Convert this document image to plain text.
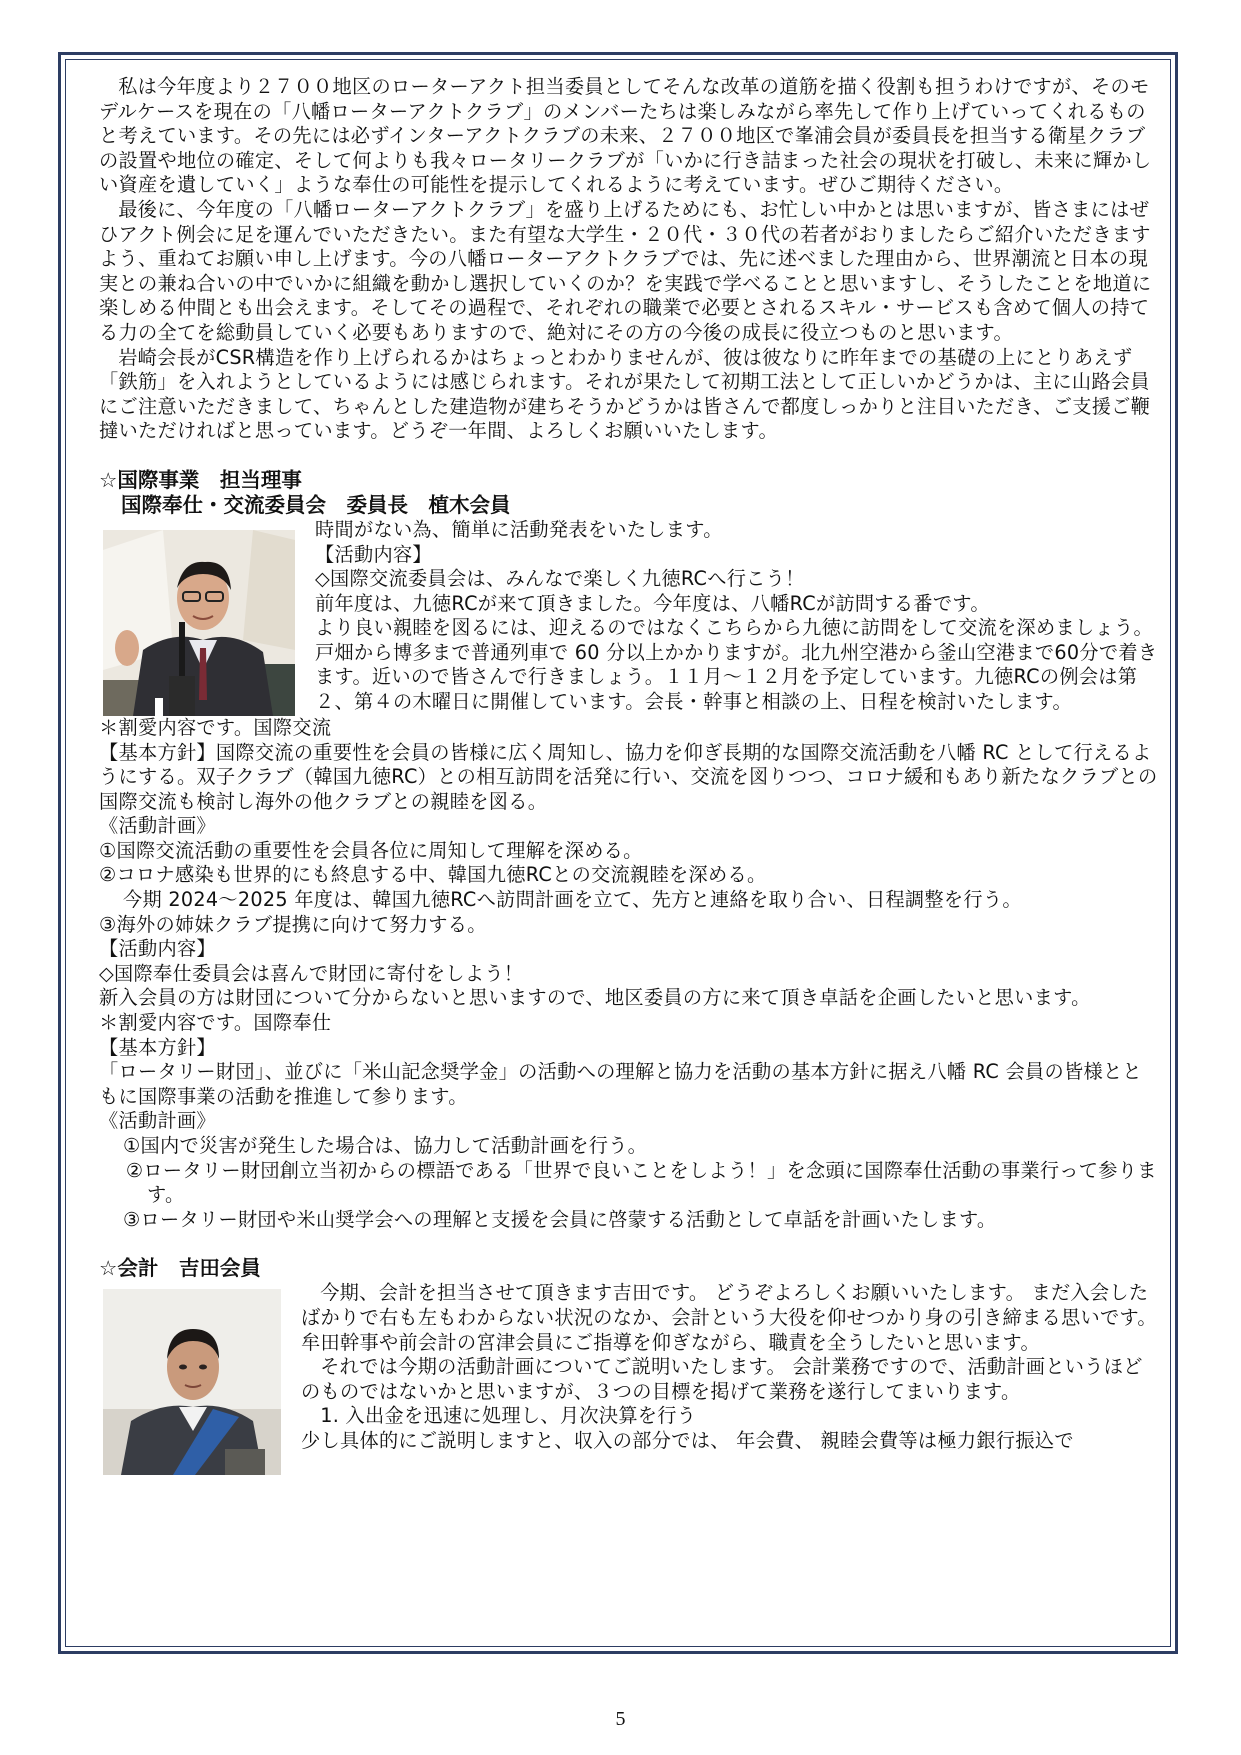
私は今年度より２７００地区のローターアクト担当委員としてそんな改革の道筋を描く役割も担うわけですが、そのモデルケースを現在の「八幡ローターアクトクラブ」のメンバーたちは楽しみながら率先して作り上げていってくれるものと考えています。その先には必ずインターアクトクラブの未来、２７００地区で峯浦会員が委員長を担当する衛星クラブの設置や地位の確定、そして何よりも我々ロータリークラブが「いかに行き詰まった社会の現状を打破し、未来に輝かしい資産を遺していく」ような奉仕の可能性を提示してくれるように考えています。ぜひご期待ください。

最後に、今年度の「八幡ローターアクトクラブ」を盛り上げるためにも、お忙しい中かとは思いますが、皆さまにはぜひアクト例会に足を運んでいただきたい。また有望な大学生・２０代・３０代の若者がおりましたらご紹介いただきますよう、重ねてお願い申し上げます。今の八幡ローターアクトクラブでは、先に述べました理由から、世界潮流と日本の現実との兼ね合いの中でいかに組織を動かし選択していくのか？を実践で学べることと思いますし、そうしたことを地道に楽しめる仲間とも出会えます。そしてその過程で、それぞれの職業で必要とされるスキル・サービスも含めて個人の持てる力の全てを総動員していく必要もありますので、絶対にその方の今後の成長に役立つものと思います。

岩崎会長がCSR構造を作り上げられるかはちょっとわかりませんが、彼は彼なりに昨年までの基礎の上にとりあえず「鉄筋」を入れようとしているようには感じられます。それが果たして初期工法として正しいかどうかは、主に山路会員にご注意いただきまして、ちゃんとした建造物が建ちそうかどうかは皆さんで都度しっかりと注目いただき、ご支援ご鞭撻いただければと思っています。どうぞ一年間、よろしくお願いいたします。

☆国際事業　担当理事

国際奉仕・交流委員会　委員長　植木会員

時間がない為、簡単に活動発表をいたします。

【活動内容】

◇国際交流委員会は、みんなで楽しく九徳RCへ行こう！

前年度は、九徳RCが来て頂きました。今年度は、八幡RCが訪問する番です。

より良い親睦を図るには、迎えるのではなくこちらから九徳に訪問をして交流を深めましょう。戸畑から博多まで普通列車で 60 分以上かかりますが。北九州空港から釜山空港まで60分で着きます。近いので皆さんで行きましょう。１１月～１２月を予定しています。九徳RCの例会は第２、第４の木曜日に開催しています。会長・幹事と相談の上、日程を検討いたします。

＊割愛内容です。国際交流

【基本方針】国際交流の重要性を会員の皆様に広く周知し、協力を仰ぎ長期的な国際交流活動を八幡 RC として行えるようにする。双子クラブ（韓国九徳RC）との相互訪問を活発に行い、交流を図りつつ、コロナ緩和もあり新たなクラブとの国際交流も検討し海外の他クラブとの親睦を図る。

《活動計画》

①国際交流活動の重要性を会員各位に周知して理解を深める。

②コロナ感染も世界的にも終息する中、韓国九徳RCとの交流親睦を深める。

今期 2024～2025 年度は、韓国九徳RCへ訪問計画を立て、先方と連絡を取り合い、日程調整を行う。

③海外の姉妹クラブ提携に向けて努力する。

【活動内容】

◇国際奉仕委員会は喜んで財団に寄付をしよう！

新入会員の方は財団について分からないと思いますので、地区委員の方に来て頂き卓話を企画したいと思います。

＊割愛内容です。国際奉仕

【基本方針】

「ロータリー財団」、並びに「米山記念奨学金」の活動への理解と協力を活動の基本方針に据え八幡 RC 会員の皆様とともに国際事業の活動を推進して参ります。

《活動計画》

①国内で災害が発生した場合は、協力して活動計画を行う。

②ロータリー財団創立当初からの標語である「世界で良いことをしよう！」を念頭に国際奉仕活動の事業行って参ります。

③ロータリー財団や米山奨学会への理解と支援を会員に啓蒙する活動として卓話を計画いたします。

☆会計　吉田会員

今期、会計を担当させて頂きます吉田です。 どうぞよろしくお願いいたします。 まだ入会したばかりで右も左もわからない状況のなか、会計という大役を仰せつかり身の引き締まる思いです。 牟田幹事や前会計の宮津会員にご指導を仰ぎながら、職責を全うしたいと思います。

それでは今期の活動計画についてご説明いたします。 会計業務ですので、活動計画というほどのものではないかと思いますが、３つの目標を掲げて業務を遂行してまいります。

1. 入出金を迅速に処理し、月次決算を行う

少し具体的にご説明しますと、収入の部分では、 年会費、 親睦会費等は極力銀行振込で

5
